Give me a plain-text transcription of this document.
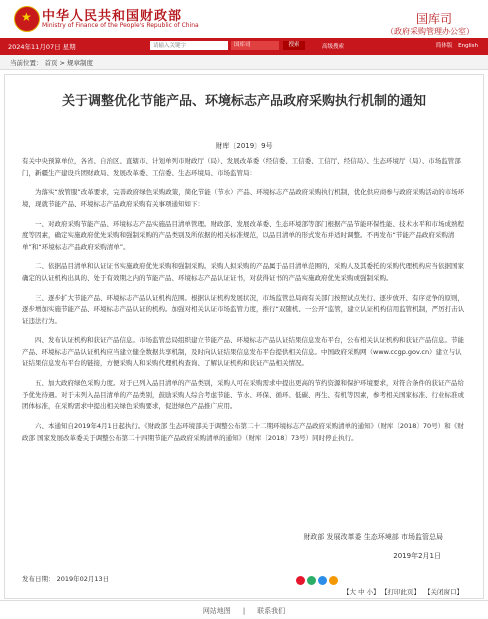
★
中华人民共和国财政部
Ministry of Finance of the People's Republic of China	国库司
（政府采购管理办公室）
2024年11月07日 星期
请输入关键字	国库司	搜索	高级搜索	简体版 English
当前位置： 首页 > 规章制度
关于调整优化节能产品、环境标志产品政府采购执行机制的通知
财库〔2019〕9号

有关中央预算单位，各省、自治区、直辖市、计划单列市财政厅（局）、发展改革委（经信委、工信委、工信厅、经信局）、生态环境厅（局）、市场监管部门，新疆生产建设兵团财政局、发展改革委、工信委、生态环境局、市场监管局：

为落实“放管服”改革要求，完善政府绿色采购政策，简化节能（节水）产品、环境标志产品政府采购执行机制，优化供应商参与政府采购活动的市场环境，现就节能产品、环境标志产品政府采购有关事项通知如下：

一、对政府采购节能产品、环境标志产品实施品目清单管理。财政部、发展改革委、生态环境部等部门根据产品节能环保性能、技术水平和市场成熟程度等因素，确定实施政府优先采购和强制采购的产品类别及所依据的相关标准规范，以品目清单的形式发布并适时调整。不再发布“节能产品政府采购清单”和“环境标志产品政府采购清单”。

二、依据品目清单和认证证书实施政府优先采购和强制采购。采购人拟采购的产品属于品目清单范围的，采购人及其委托的采购代理机构应当依据国家确定的认证机构出具的、处于有效期之内的节能产品、环境标志产品认证证书，对获得证书的产品实施政府优先采购或强制采购。

三、逐步扩大节能产品、环境标志产品认证机构范围。根据认证机构发展状况，市场监管总局商有关部门按照试点先行、逐步放开、有序竞争的原则，逐步增加实施节能产品、环境标志产品认证的机构。加强对相关认证市场监管力度，推行“双随机、一公开”监管，建立认证机构信用监管机制，严厉打击认证违法行为。

四、发布认证机构和获证产品信息。市场监管总局组织建立节能产品、环境标志产品认证结果信息发布平台，公布相关认证机构和获证产品信息。节能产品、环境标志产品认证机构应当建立健全数据共享机制，及时向认证结果信息发布平台提供相关信息。中国政府采购网（www.ccgp.gov.cn）建立与认证结果信息发布平台的链接，方便采购人和采购代理机构查询、了解认证机构和获证产品相关情况。

五、加大政府绿色采购力度。对于已列入品目清单的产品类别，采购人可在采购需求中提出更高的节约资源和保护环境要求，对符合条件的获证产品给予优先待遇。对于未列入品目清单的产品类别，鼓励采购人综合考虑节能、节水、环保、循环、低碳、再生、有机等因素，参考相关国家标准、行业标准或团体标准，在采购需求中提出相关绿色采购要求，促进绿色产品推广应用。

六、本通知自2019年4月1日起执行。《财政部 生态环境部关于调整公布第二十二期环境标志产品政府采购清单的通知》（财库〔2018〕70号）和《财政部 国家发展改革委关于调整公布第二十四期节能产品政府采购清单的通知》（财库〔2018〕73号）同时停止执行。

财政部 发展改革委 生态环境部 市场监管总局
2019年2月1日
发布日期： 2019年02月13日
【大 中 小】 【打印此页】 【关闭窗口】
网站地图 | 联系我们
